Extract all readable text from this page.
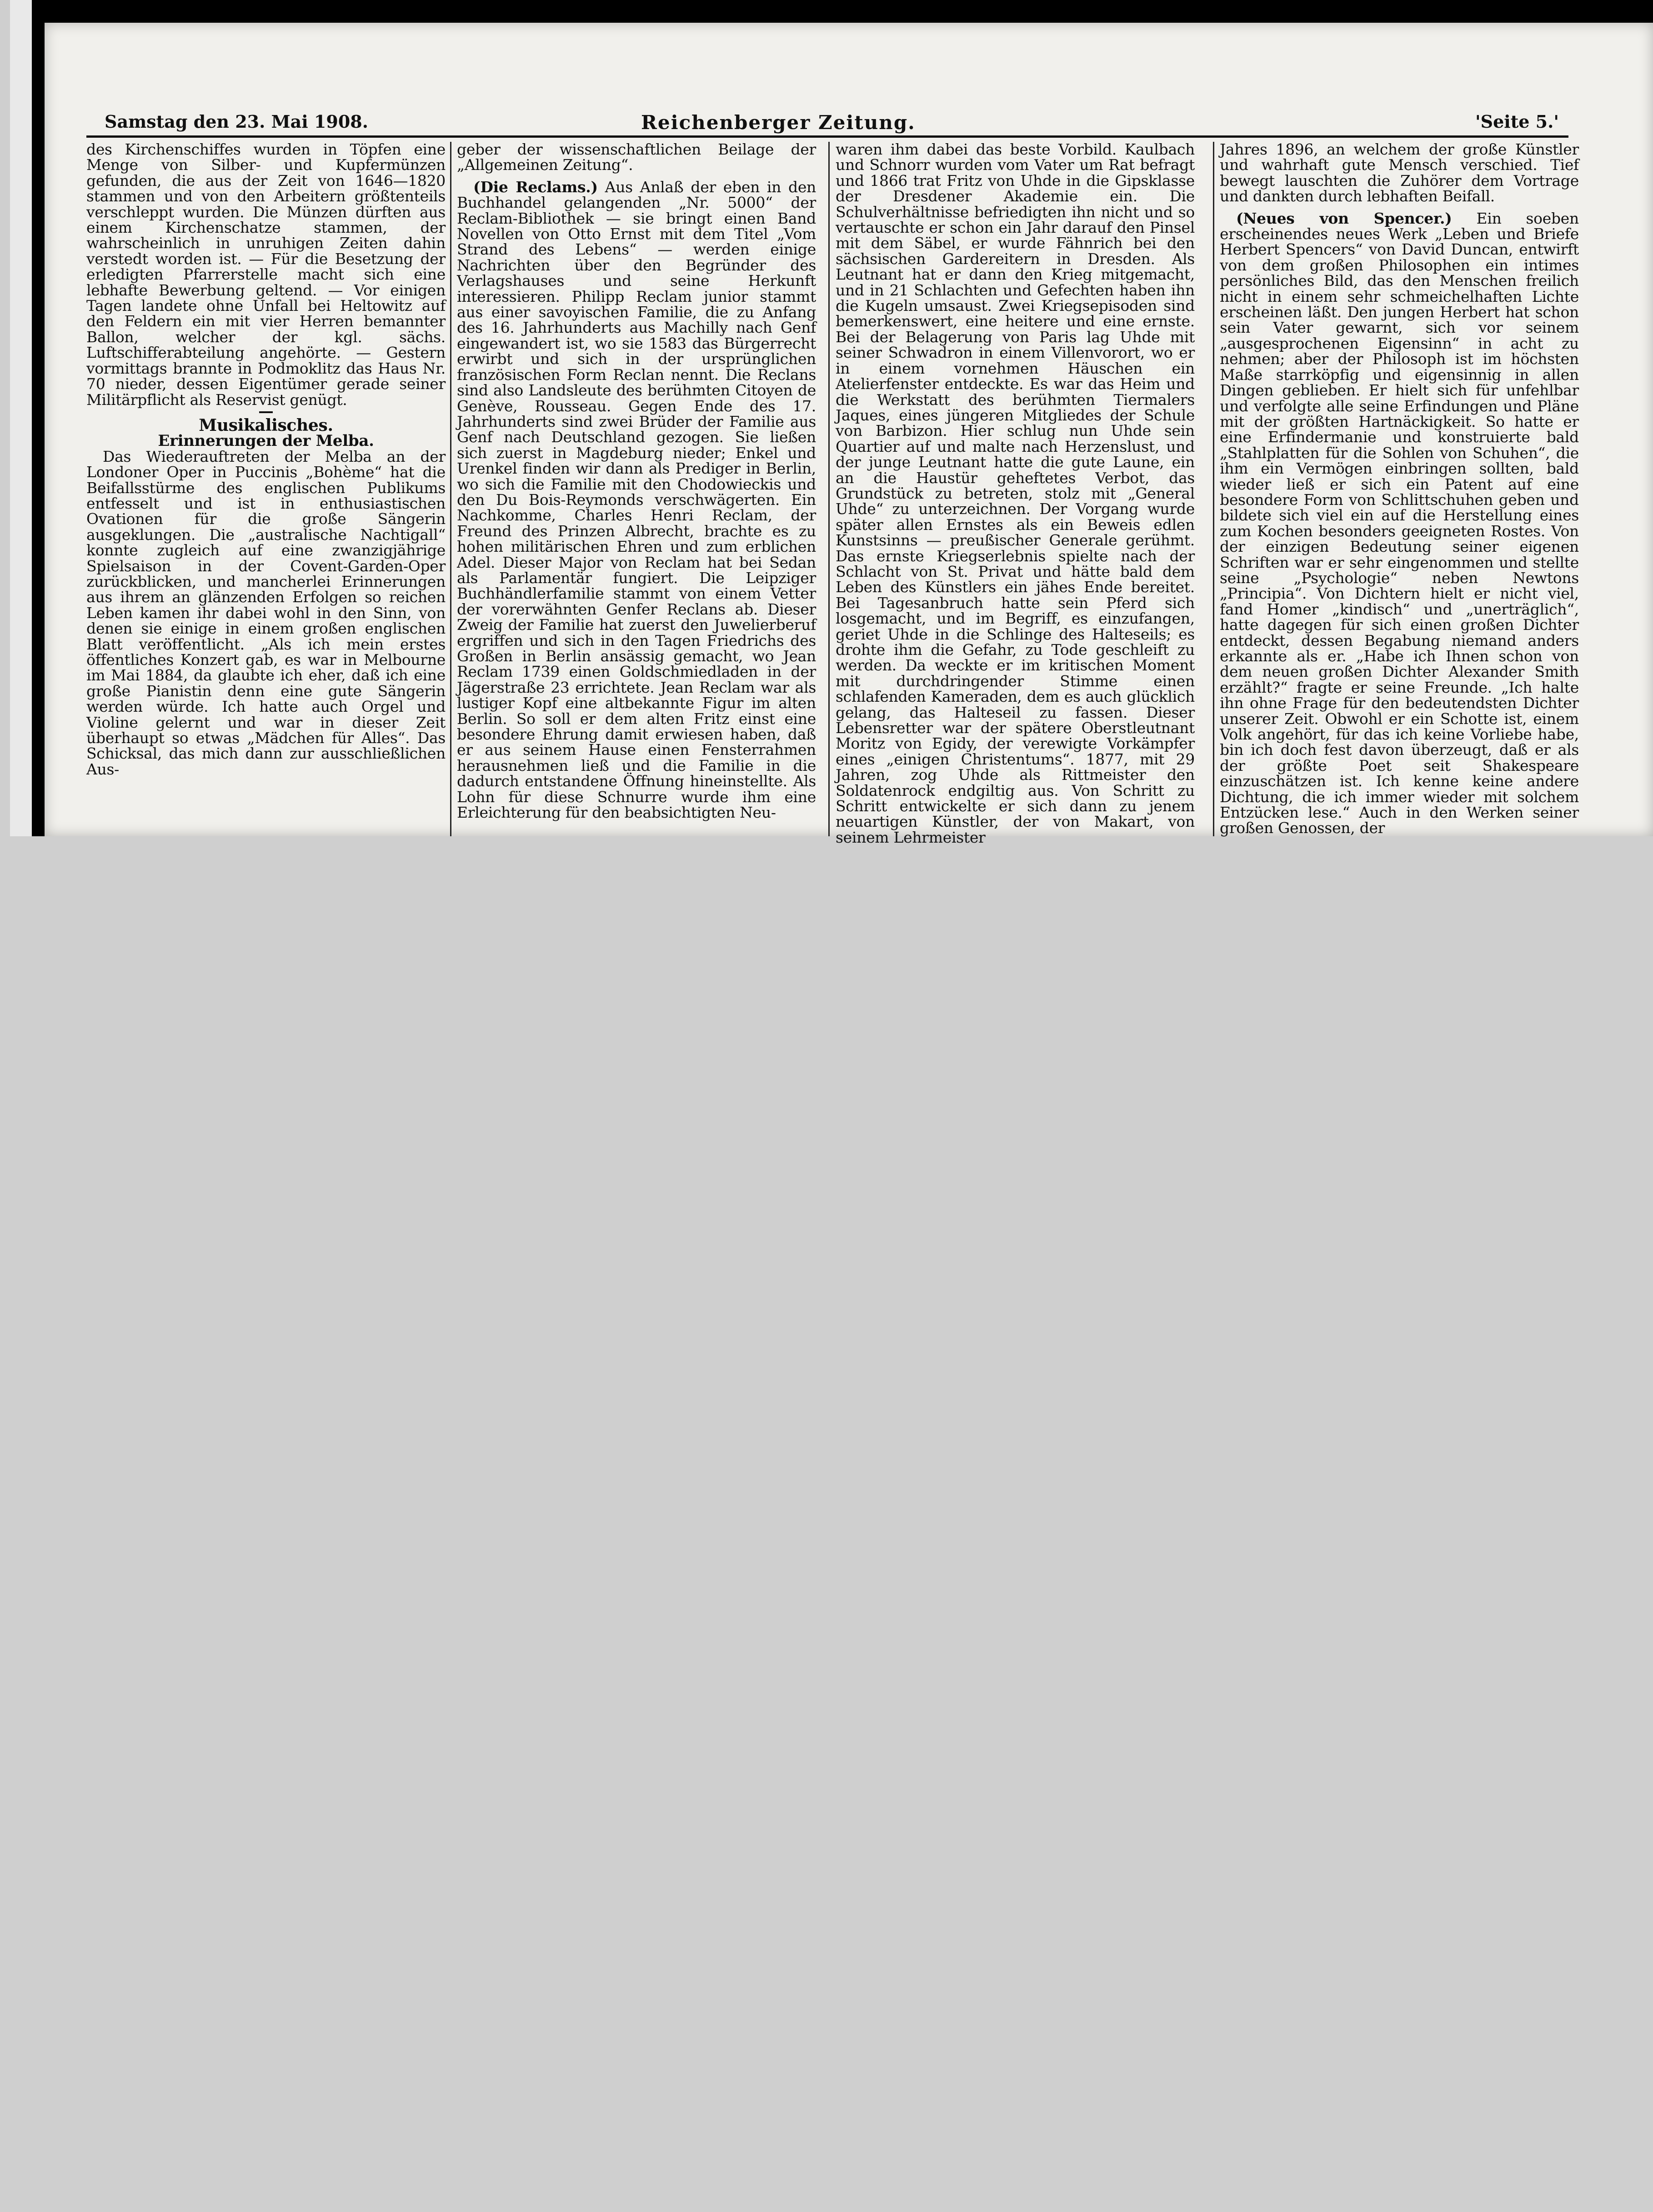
Samstag den 23. Mai 1908.	Reichenberger Zeitung.	'Seite 5.'

des Kirchenschiffes wurden in Töpfen eine Menge von Silber- und Kupfermünzen gefunden, die aus der Zeit von 1646—1820 stammen und von den Arbeitern größtenteils verschleppt wurden. Die Münzen dürften aus einem Kirchenschatze stammen, der wahrscheinlich in unruhigen Zeiten dahin verstedt worden ist. — Für die Besetzung der erledigten Pfarrerstelle macht sich eine lebhafte Bewerbung geltend. — Vor einigen Tagen landete ohne Unfall bei Heltowitz auf den Feldern ein mit vier Herren bemannter Ballon, welcher der kgl. sächs. Luftschifferabteilung angehörte. — Gestern vormittags brannte in Podmoklitz das Haus Nr. 70 nieder, dessen Eigentümer gerade seiner Militärpflicht als Reservist genügt.

Musikalisches.

Erinnerungen der Melba.

Das Wiederauftreten der Melba an der Londoner Oper in Puccinis „Bohème“ hat die Beifallsstürme des englischen Publikums entfesselt und ist in enthusiastischen Ovationen für die große Sängerin ausgeklungen. Die „australische Nachtigall“ konnte zugleich auf eine zwanzigjährige Spielsaison in der Covent-Garden-Oper zurückblicken, und mancherlei Erinnerungen aus ihrem an glänzenden Erfolgen so reichen Leben kamen ihr dabei wohl in den Sinn, von denen sie einige in einem großen englischen Blatt veröffentlicht. „Als ich mein erstes öffentliches Konzert gab, es war in Melbourne im Mai 1884, da glaubte ich eher, daß ich eine große Pianistin denn eine gute Sängerin werden würde. Ich hatte auch Orgel und Violine gelernt und war in dieser Zeit überhaupt so etwas „Mädchen für Alles“. Das Schicksal, das mich dann zur ausschließlichen Aus-

geber der wissenschaftlichen Beilage der „Allgemeinen Zeitung“.

(Die Reclams.) Aus Anlaß der eben in den Buchhandel gelangenden „Nr. 5000“ der Reclam-Bibliothek — sie bringt einen Band Novellen von Otto Ernst mit dem Titel „Vom Strand des Lebens“ — werden einige Nachrichten über den Begründer des Verlagshauses und seine Herkunft interessieren. Philipp Reclam junior stammt aus einer savoyischen Familie, die zu Anfang des 16. Jahrhunderts aus Machilly nach Genf eingewandert ist, wo sie 1583 das Bürgerrecht erwirbt und sich in der ursprünglichen französischen Form Reclan nennt. Die Reclans sind also Landsleute des berühmten Citoyen de Genève, Rousseau. Gegen Ende des 17. Jahrhunderts sind zwei Brüder der Familie aus Genf nach Deutschland gezogen. Sie ließen sich zuerst in Magdeburg nieder; Enkel und Urenkel finden wir dann als Prediger in Berlin, wo sich die Familie mit den Chodowieckis und den Du Bois-Reymonds verschwägerten. Ein Nachkomme, Charles Henri Reclam, der Freund des Prinzen Albrecht, brachte es zu hohen militärischen Ehren und zum erblichen Adel. Dieser Major von Reclam hat bei Sedan als Parlamentär fungiert. Die Leipziger Buchhändlerfamilie stammt von einem Vetter der vorerwähnten Genfer Reclans ab. Dieser Zweig der Familie hat zuerst den Juwelierberuf ergriffen und sich in den Tagen Friedrichs des Großen in Berlin ansässig gemacht, wo Jean Reclam 1739 einen Goldschmiedladen in der Jägerstraße 23 errichtete. Jean Reclam war als lustiger Kopf eine altbekannte Figur im alten Berlin. So soll er dem alten Fritz einst eine besondere Ehrung damit erwiesen haben, daß er aus seinem Hause einen Fensterrahmen herausnehmen ließ und die Familie in die dadurch entstandene Öffnung hineinstellte. Als Lohn für diese Schnurre wurde ihm eine Erleichterung für den beabsichtigten Neu-

waren ihm dabei das beste Vorbild. Kaulbach und Schnorr wurden vom Vater um Rat befragt und 1866 trat Fritz von Uhde in die Gipsklasse der Dresdener Akademie ein. Die Schulverhältnisse befriedigten ihn nicht und so vertauschte er schon ein Jahr darauf den Pinsel mit dem Säbel, er wurde Fähnrich bei den sächsischen Gardereitern in Dresden. Als Leutnant hat er dann den Krieg mitgemacht, und in 21 Schlachten und Gefechten haben ihn die Kugeln umsaust. Zwei Kriegsepisoden sind bemerkenswert, eine heitere und eine ernste. Bei der Belagerung von Paris lag Uhde mit seiner Schwadron in einem Villenvorort, wo er in einem vornehmen Häuschen ein Atelierfenster entdeckte. Es war das Heim und die Werkstatt des berühmten Tiermalers Jaques, eines jüngeren Mitgliedes der Schule von Barbizon. Hier schlug nun Uhde sein Quartier auf und malte nach Herzenslust, und der junge Leutnant hatte die gute Laune, ein an die Haustür geheftetes Verbot, das Grundstück zu betreten, stolz mit „General Uhde“ zu unterzeichnen. Der Vorgang wurde später allen Ernstes als ein Beweis edlen Kunstsinns — preußischer Generale gerühmt. Das ernste Kriegserlebnis spielte nach der Schlacht von St. Privat und hätte bald dem Leben des Künstlers ein jähes Ende bereitet. Bei Tagesanbruch hatte sein Pferd sich losgemacht, und im Begriff, es einzufangen, geriet Uhde in die Schlinge des Halteseils; es drohte ihm die Gefahr, zu Tode geschleift zu werden. Da weckte er im kritischen Moment mit durchdringender Stimme einen schlafenden Kameraden, dem es auch glücklich gelang, das Halteseil zu fassen. Dieser Lebensretter war der spätere Oberstleutnant Moritz von Egidy, der verewigte Vorkämpfer eines „einigen Christentums“. 1877, mit 29 Jahren, zog Uhde als Rittmeister den Soldatenrock endgiltig aus. Von Schritt zu Schritt entwickelte er sich dann zu jenem neuartigen Künstler, der von Makart, von seinem Lehrmeister

Jahres 1896, an welchem der große Künstler und wahrhaft gute Mensch verschied. Tief bewegt lauschten die Zuhörer dem Vortrage und dankten durch lebhaften Beifall.

(Neues von Spencer.) Ein soeben erscheinendes neues Werk „Leben und Briefe Herbert Spencers“ von David Duncan, entwirft von dem großen Philosophen ein intimes persönliches Bild, das den Menschen freilich nicht in einem sehr schmeichelhaften Lichte erscheinen läßt. Den jungen Herbert hat schon sein Vater gewarnt, sich vor seinem „ausgesprochenen Eigensinn“ in acht zu nehmen; aber der Philosoph ist im höchsten Maße starrköpfig und eigensinnig in allen Dingen geblieben. Er hielt sich für unfehlbar und verfolgte alle seine Erfindungen und Pläne mit der größten Hartnäckigkeit. So hatte er eine Erfindermanie und konstruierte bald „Stahlplatten für die Sohlen von Schuhen“, die ihm ein Vermögen einbringen sollten, bald wieder ließ er sich ein Patent auf eine besondere Form von Schlittschuhen geben und bildete sich viel ein auf die Herstellung eines zum Kochen besonders geeigneten Rostes. Von der einzigen Bedeutung seiner eigenen Schriften war er sehr eingenommen und stellte seine „Psychologie“ neben Newtons „Principia“. Von Dichtern hielt er nicht viel, fand Homer „kindisch“ und „unerträglich“, hatte dagegen für sich einen großen Dichter entdeckt, dessen Begabung niemand anders erkannte als er. „Habe ich Ihnen schon von dem neuen großen Dichter Alexander Smith erzählt?“ fragte er seine Freunde. „Ich halte ihn ohne Frage für den bedeutendsten Dichter unserer Zeit. Obwohl er ein Schotte ist, einem Volk angehört, für das ich keine Vorliebe habe, bin ich doch fest davon überzeugt, daß er als der größte Poet seit Shakespeare einzuschätzen ist. Ich kenne keine andere Dichtung, die ich immer wieder mit solchem Entzücken lese.“ Auch in den Werken seiner großen Genossen, der
